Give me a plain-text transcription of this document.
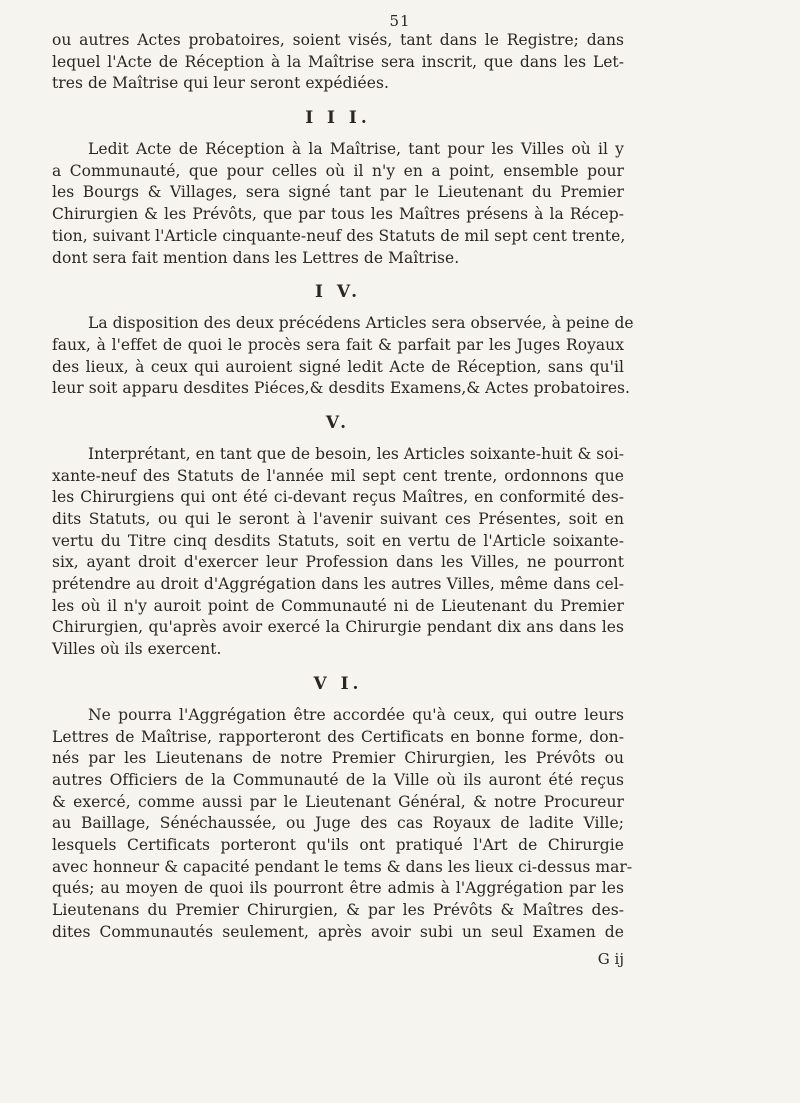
51
ou autres Actes probatoires, soient visés, tant dans le Registre; dans
lequel l'Acte de Réception à la Maîtrise sera inscrit, que dans les Let-
tres de Maîtrise qui leur seront expédiées.
I I I.
Ledit Acte de Réception à la Maîtrise, tant pour les Villes où il y
a Communauté, que pour celles où il n'y en a point, ensemble pour
les Bourgs & Villages, sera signé tant par le Lieutenant du Premier
Chirurgien & les Prévôts, que par tous les Maîtres présens à la Récep-
tion, suivant l'Article cinquante-neuf des Statuts de mil sept cent trente,
dont sera fait mention dans les Lettres de Maîtrise.
I V.
La disposition des deux précédens Articles sera observée, à peine de
faux, à l'effet de quoi le procès sera fait & parfait par les Juges Royaux
des lieux, à ceux qui auroient signé ledit Acte de Réception, sans qu'il
leur soit apparu desdites Piéces,& desdits Examens,& Actes probatoires.
V.
Interprétant, en tant que de besoin, les Articles soixante-huit & soi-
xante-neuf des Statuts de l'année mil sept cent trente, ordonnons que
les Chirurgiens qui ont été ci-devant reçus Maîtres, en conformité des-
dits Statuts, ou qui le seront à l'avenir suivant ces Présentes, soit en
vertu du Titre cinq desdits Statuts, soit en vertu de l'Article soixante-
six, ayant droit d'exercer leur Profession dans les Villes, ne pourront
prétendre au droit d'Aggrégation dans les autres Villes, même dans cel-
les où il n'y auroit point de Communauté ni de Lieutenant du Premier
Chirurgien, qu'après avoir exercé la Chirurgie pendant dix ans dans les
Villes où ils exercent.
V I.
Ne pourra l'Aggrégation être accordée qu'à ceux, qui outre leurs
Lettres de Maîtrise, rapporteront des Certificats en bonne forme, don-
nés par les Lieutenans de notre Premier Chirurgien, les Prévôts ou
autres Officiers de la Communauté de la Ville où ils auront été reçus
& exercé, comme aussi par le Lieutenant Général, & notre Procureur
au Baillage, Sénéchaussée, ou Juge des cas Royaux de ladite Ville;
lesquels Certificats porteront qu'ils ont pratiqué l'Art de Chirurgie
avec honneur & capacité pendant le tems & dans les lieux ci-dessus mar-
qués; au moyen de quoi ils pourront être admis à l'Aggrégation par les
Lieutenans du Premier Chirurgien, & par les Prévôts & Maîtres des-
dites Communautés seulement, après avoir subi un seul Examen de
G ij
